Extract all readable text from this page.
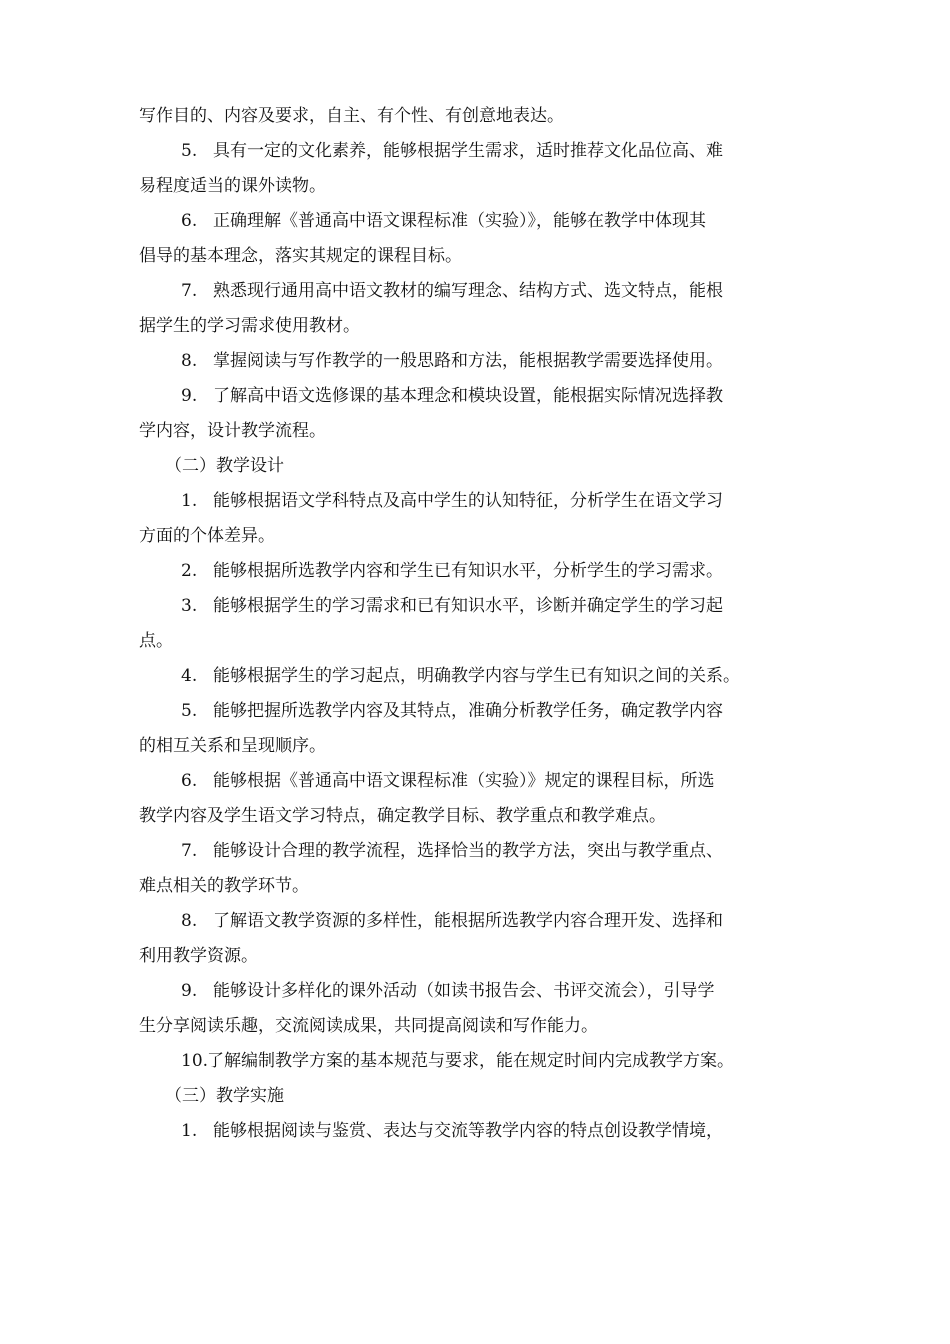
写作目的、内容及要求，自主、有个性、有创意地表达。

5. 具有一定的文化素养，能够根据学生需求，适时推荐文化品位高、难

易程度适当的课外读物。

6. 正确理解《普通高中语文课程标准（实验）》，能够在教学中体现其

倡导的基本理念，落实其规定的课程目标。

7. 熟悉现行通用高中语文教材的编写理念、结构方式、选文特点，能根

据学生的学习需求使用教材。

8. 掌握阅读与写作教学的一般思路和方法，能根据教学需要选择使用。

9. 了解高中语文选修课的基本理念和模块设置，能根据实际情况选择教

学内容，设计教学流程。

（二）教学设计

1. 能够根据语文学科特点及高中学生的认知特征，分析学生在语文学习

方面的个体差异。

2. 能够根据所选教学内容和学生已有知识水平，分析学生的学习需求。

3. 能够根据学生的学习需求和已有知识水平，诊断并确定学生的学习起

点。

4. 能够根据学生的学习起点，明确教学内容与学生已有知识之间的关系。

5. 能够把握所选教学内容及其特点，准确分析教学任务，确定教学内容

的相互关系和呈现顺序。

6. 能够根据《普通高中语文课程标准（实验）》规定的课程目标，所选

教学内容及学生语文学习特点，确定教学目标、教学重点和教学难点。

7. 能够设计合理的教学流程，选择恰当的教学方法，突出与教学重点、

难点相关的教学环节。

8. 了解语文教学资源的多样性，能根据所选教学内容合理开发、选择和

利用教学资源。

9. 能够设计多样化的课外活动（如读书报告会、书评交流会），引导学

生分享阅读乐趣，交流阅读成果，共同提高阅读和写作能力。

10.了解编制教学方案的基本规范与要求，能在规定时间内完成教学方案。

（三）教学实施

1. 能够根据阅读与鉴赏、表达与交流等教学内容的特点创设教学情境，
